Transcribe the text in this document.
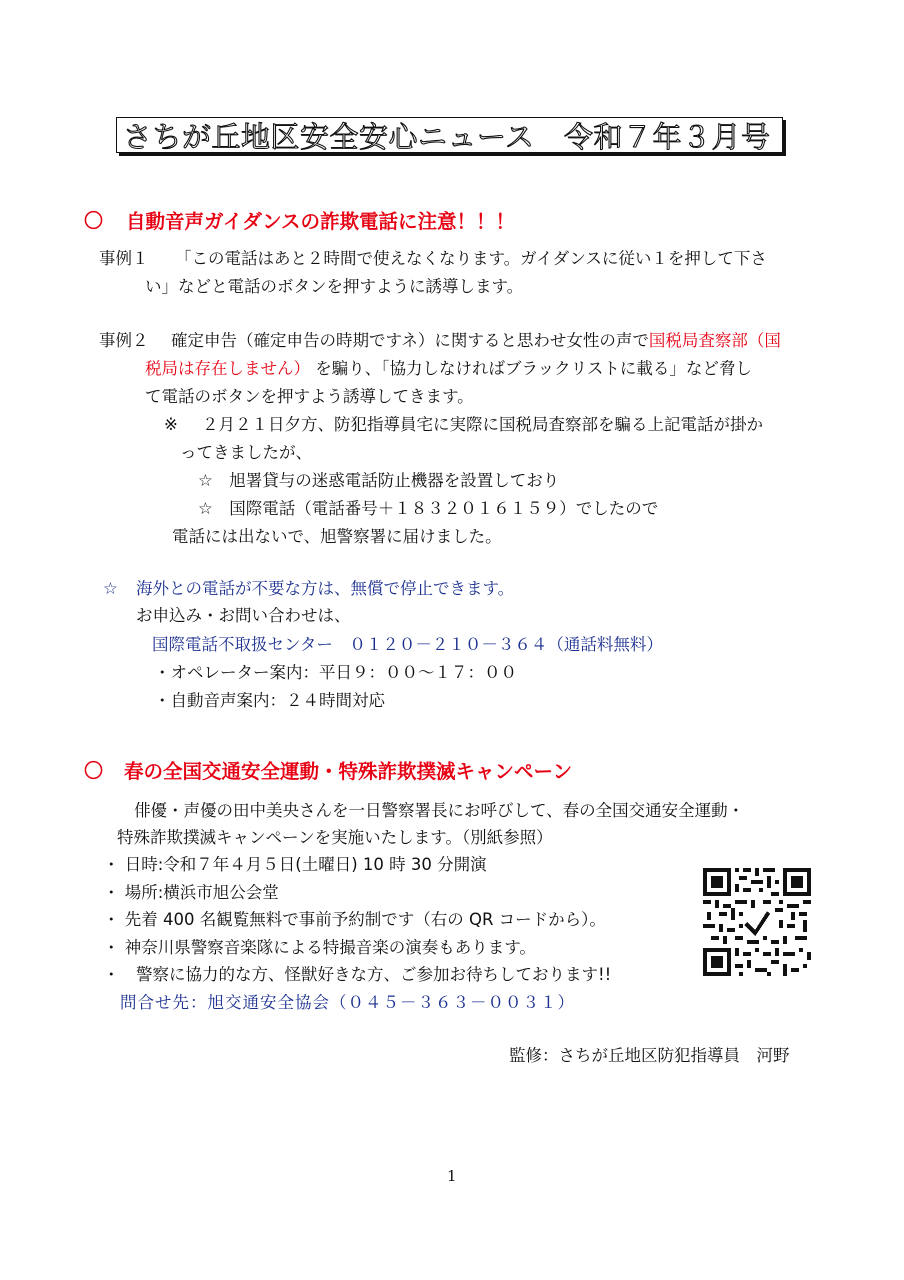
さちが丘地区安全安心ニュース　令和７年３月号
〇 自動音声ガイダンスの詐欺電話に注意！！！
事例１ 「この電話はあと２時間で使えなくなります。ガイダンスに従い１を押して下さ
い」などと電話のボタンを押すように誘導します。
事例２ 確定申告（確定申告の時期ですネ）に関すると思わせ女性の声で国税局査察部（国
税局は存在しません） を騙り、「協力しなければブラックリストに載る」など脅し
て電話のボタンを押すよう誘導してきます。
※ ２月２１日夕方、防犯指導員宅に実際に国税局査察部を騙る上記電話が掛か
ってきましたが、
☆　旭署貸与の迷惑電話防止機器を設置しており
☆　国際電話（電話番号＋１８３２０１６１５９）でしたので
電話には出ないで、旭警察署に届けました。
☆ 海外との電話が不要な方は、無償で停止できます。
お申込み・お問い合わせは、
国際電話不取扱センター　０１２０－２１０－３６４（通話料無料）
・オペレーター案内：平日９：００～１７：００
・自動音声案内：２４時間対応
〇 春の全国交通安全運動・特殊詐欺撲滅キャンペーン
俳優・声優の田中美央さんを一日警察署長にお呼びして、春の全国交通安全運動・
特殊詐欺撲滅キャンペーンを実施いたします。（別紙参照）
・ 日時:令和７年４月５日(土曜日) 10 時 30 分開演
・ 場所:横浜市旭公会堂
・ 先着 400 名観覧無料で事前予約制です（右の QR コードから）。
・ 神奈川県警察音楽隊による特撮音楽の演奏もあります。
・　警察に協力的な方、怪獣好きな方、ご参加お待ちしております!!
問合せ先：旭交通安全協会（０４５－３６３－００３１）
監修：さちが丘地区防犯指導員　河野
1
